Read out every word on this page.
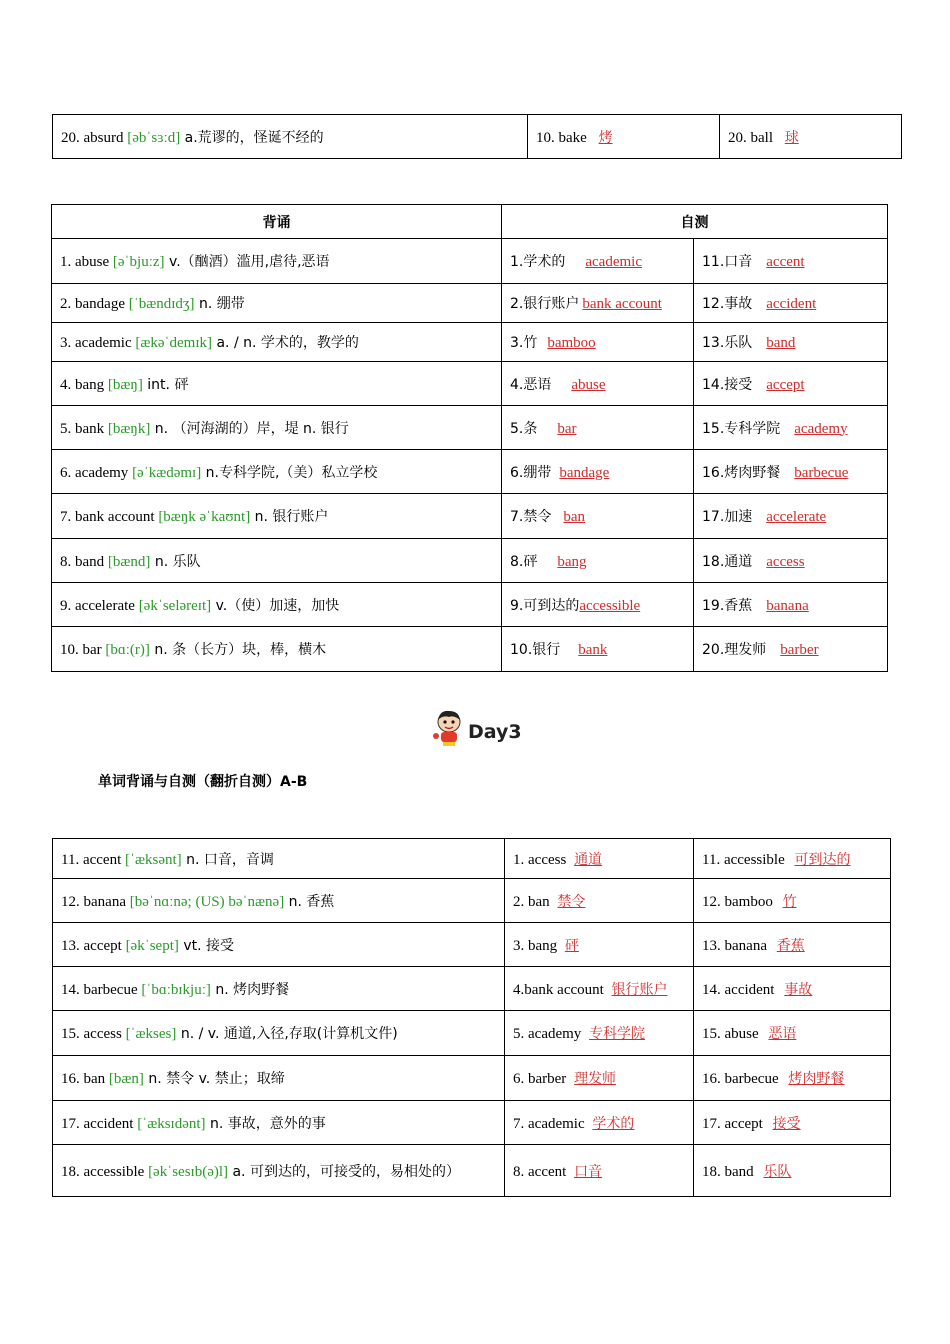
20. absurd [əbˈsɜːd] a.荒谬的，怪诞不经的	10. bake 烤	20. ball 球
背诵	自测	
1. abuse [əˈbjuːz] v.（酗酒）滥用,虐待,恶语	1.学术的 academic	11.口音 accent
2. bandage [ˈbændɪdʒ] n. 绷带	2.银行账户 bank account	12.事故 accident
3. academic [ækəˈdemɪk] a. / n. 学术的，教学的	3.竹 bamboo	13.乐队 band
4. bang [bæŋ] int. 砰	4.恶语 abuse	14.接受 accept
5. bank [bæŋk] n. （河海湖的）岸，堤 n. 银行	5.条 bar	15.专科学院 academy
6. academy [əˈkædəmɪ] n.专科学院,（美）私立学校	6.绷带 bandage	16.烤肉野餐 barbecue
7. bank account [bæŋk əˈkaʊnt] n. 银行账户	7.禁令 ban	17.加速 accelerate
8. band [bænd] n. 乐队	8.砰 bang	18.通道 access
9. accelerate [əkˈseləreɪt] v.（使）加速，加快	9.可到达的accessible	19.香蕉 banana
10. bar [bɑː(r)] n. 条（长方）块，棒，横木	10.银行 bank	20.理发师 barber
Day3
单词背诵与自测（翻折自测）A-B
11. accent [ˈæksənt] n. 口音，音调	1. access 通道	11. accessible 可到达的
12. banana [bəˈnɑːnə; (US) bəˈnænə] n. 香蕉	2. ban 禁令	12. bamboo 竹
13. accept [əkˈsept] vt. 接受	3. bang 砰	13. banana 香蕉
14. barbecue [ˈbɑːbɪkjuː] n. 烤肉野餐	4.bank account 银行账户	14. accident 事故
15. access [ˈækses] n. / v. 通道,入径,存取(计算机文件)	5. academy 专科学院	15. abuse 恶语
16. ban [bæn] n. 禁令 v. 禁止；取缔	6. barber 理发师	16. barbecue 烤肉野餐
17. accident [ˈæksɪdənt] n. 事故，意外的事	7. academic 学术的	17. accept 接受
18. accessible [əkˈsesɪb(ə)l] a. 可到达的，可接受的，易相处的）	8. accent 口音	18. band 乐队
